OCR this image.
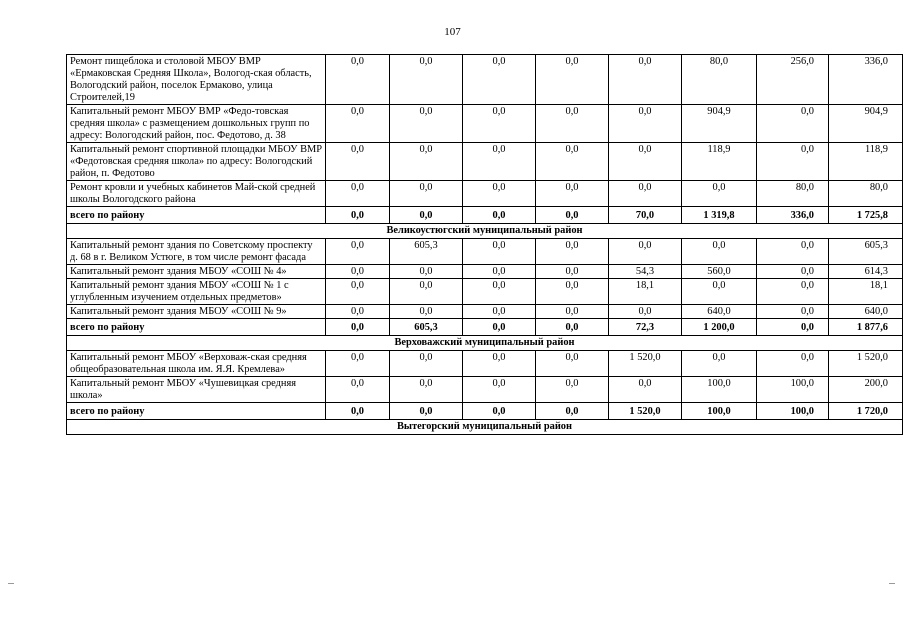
107
Ремонт пищеблока и столовой МБОУ ВМР «Ермаковская Средняя Школа», Вологод-ская область, Вологодский район, поселок Ермаково, улица Строителей,19	0,0	0,0	0,0	0,0	0,0	80,0	256,0	336,0
Капитальный ремонт МБОУ ВМР «Федо-товская средняя школа» с размещением дошкольных групп по адресу: Вологодский район, пос. Федотово, д. 38	0,0	0,0	0,0	0,0	0,0	904,9	0,0	904,9
Капитальный ремонт спортивной площадки МБОУ ВМР «Федотовская средняя школа» по адресу: Вологодский район, п. Федотово	0,0	0,0	0,0	0,0	0,0	118,9	0,0	118,9
Ремонт кровли и учебных кабинетов Май-ской средней школы Вологодского района	0,0	0,0	0,0	0,0	0,0	0,0	80,0	80,0
всего по району	0,0	0,0	0,0	0,0	70,0	1 319,8	336,0	1 725,8
Великоустюгский муниципальный район								
Капитальный ремонт здания по Советскому проспекту д. 68 в г. Великом Устюге, в том числе ремонт фасада	0,0	605,3	0,0	0,0	0,0	0,0	0,0	605,3
Капитальный ремонт здания МБОУ «СОШ № 4»	0,0	0,0	0,0	0,0	54,3	560,0	0,0	614,3
Капитальный ремонт здания МБОУ «СОШ № 1 с углубленным изучением отдельных предметов»	0,0	0,0	0,0	0,0	18,1	0,0	0,0	18,1
Капитальный ремонт здания МБОУ «СОШ № 9»	0,0	0,0	0,0	0,0	0,0	640,0	0,0	640,0
всего по району	0,0	605,3	0,0	0,0	72,3	1 200,0	0,0	1 877,6
Верховажский муниципальный район								
Капитальный ремонт МБОУ «Верховаж-ская средняя общеобразовательная школа им. Я.Я. Кремлева»	0,0	0,0	0,0	0,0	1 520,0	0,0	0,0	1 520,0
Капитальный ремонт МБОУ «Чушевицкая средняя школа»	0,0	0,0	0,0	0,0	0,0	100,0	100,0	200,0
всего по району	0,0	0,0	0,0	0,0	1 520,0	100,0	100,0	1 720,0
Вытегорский муниципальный район								
